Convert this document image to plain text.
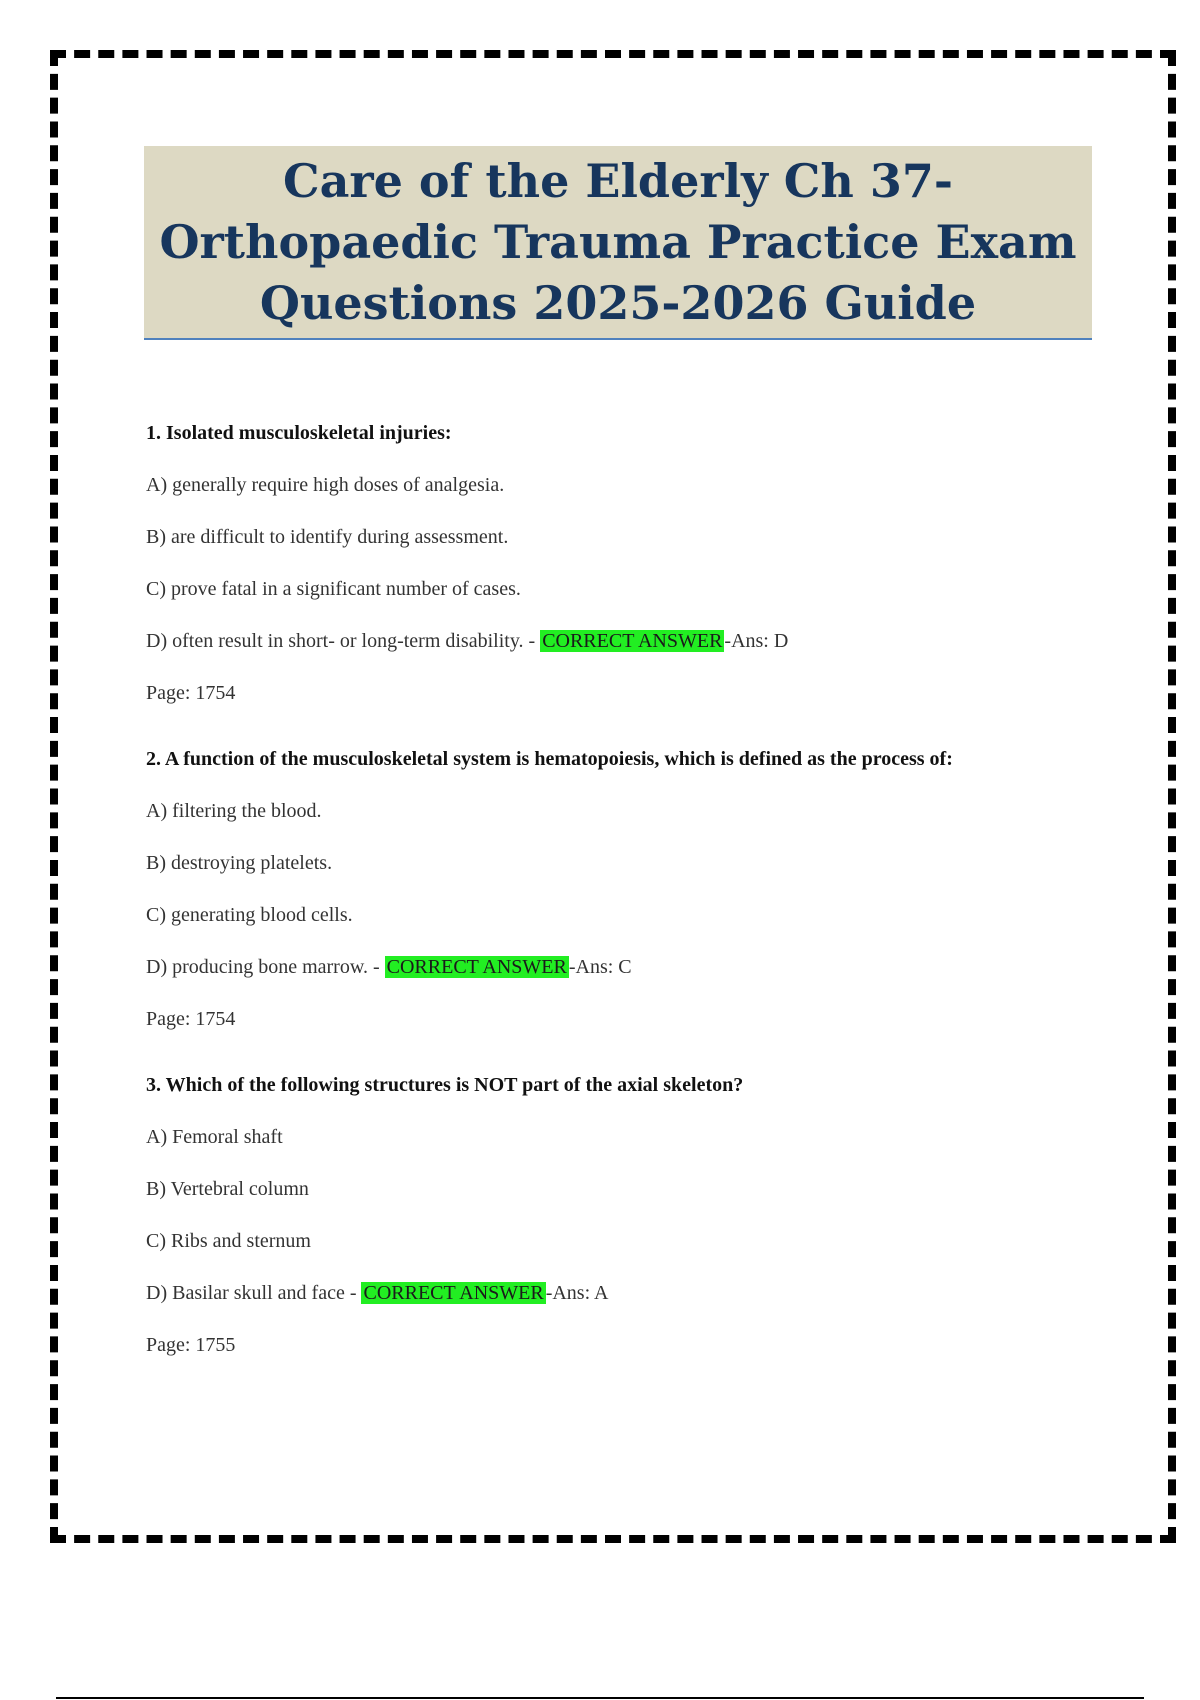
Care of the Elderly Ch 37- Orthopaedic Trauma Practice Exam Questions 2025-2026 Guide

1. Isolated musculoskeletal injuries:

A) generally require high doses of analgesia.

B) are difficult to identify during assessment.

C) prove fatal in a significant number of cases.

D) often result in short- or long-term disability. - CORRECT ANSWER -Ans: D

Page: 1754

2. A function of the musculoskeletal system is hematopoiesis, which is defined as the process of:

A) filtering the blood.

B) destroying platelets.

C) generating blood cells.

D) producing bone marrow. - CORRECT ANSWER -Ans: C

Page: 1754

3. Which of the following structures is NOT part of the axial skeleton?

A) Femoral shaft

B) Vertebral column

C) Ribs and sternum

D) Basilar skull and face - CORRECT ANSWER -Ans: A

Page: 1755
